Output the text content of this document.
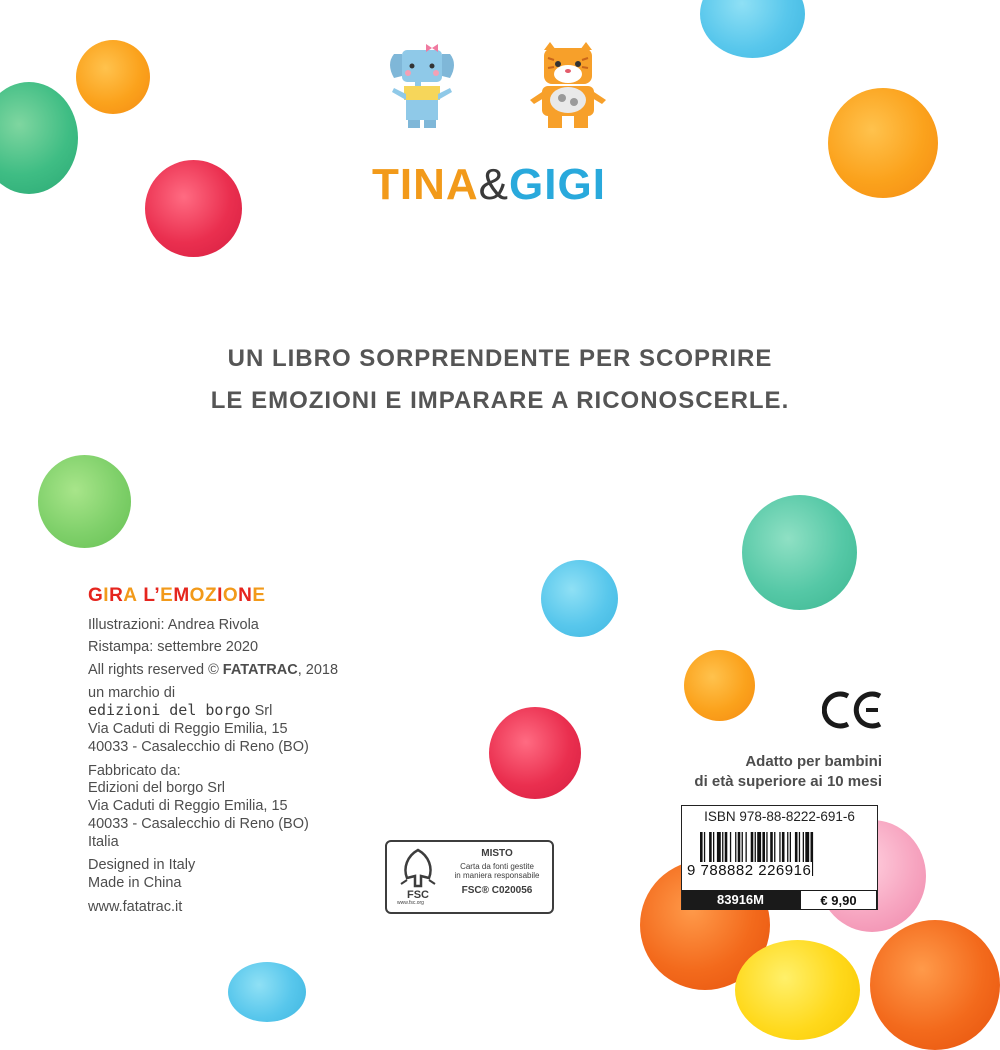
TINA&GIGI
UN LIBRO SORPRENDENTE PER SCOPRIRE
LE EMOZIONI E IMPARARE A RICONOSCERLE.
GIRA L’EMOZIONE
Illustrazioni: Andrea Rivola
Ristampa: settembre 2020
All rights reserved © FATATRAC, 2018
un marchio di
edizioni del borgo Srl
Via Caduti di Reggio Emilia, 15
40033 - Casalecchio di Reno (BO)
Fabbricato da:
Edizioni del borgo Srl
Via Caduti di Reggio Emilia, 15
40033 - Casalecchio di Reno (BO)
Italia
Designed in Italy
Made in China
www.fatatrac.it
FSC
www.fsc.org
MISTO
Carta da fonti gestite
in maniera responsabile
FSC® C020056
CE
Adatto per bambini
di età superiore ai 10 mesi
ISBN 978-88-8222-691-6
9 788882 226916
83916M	€ 9,90
